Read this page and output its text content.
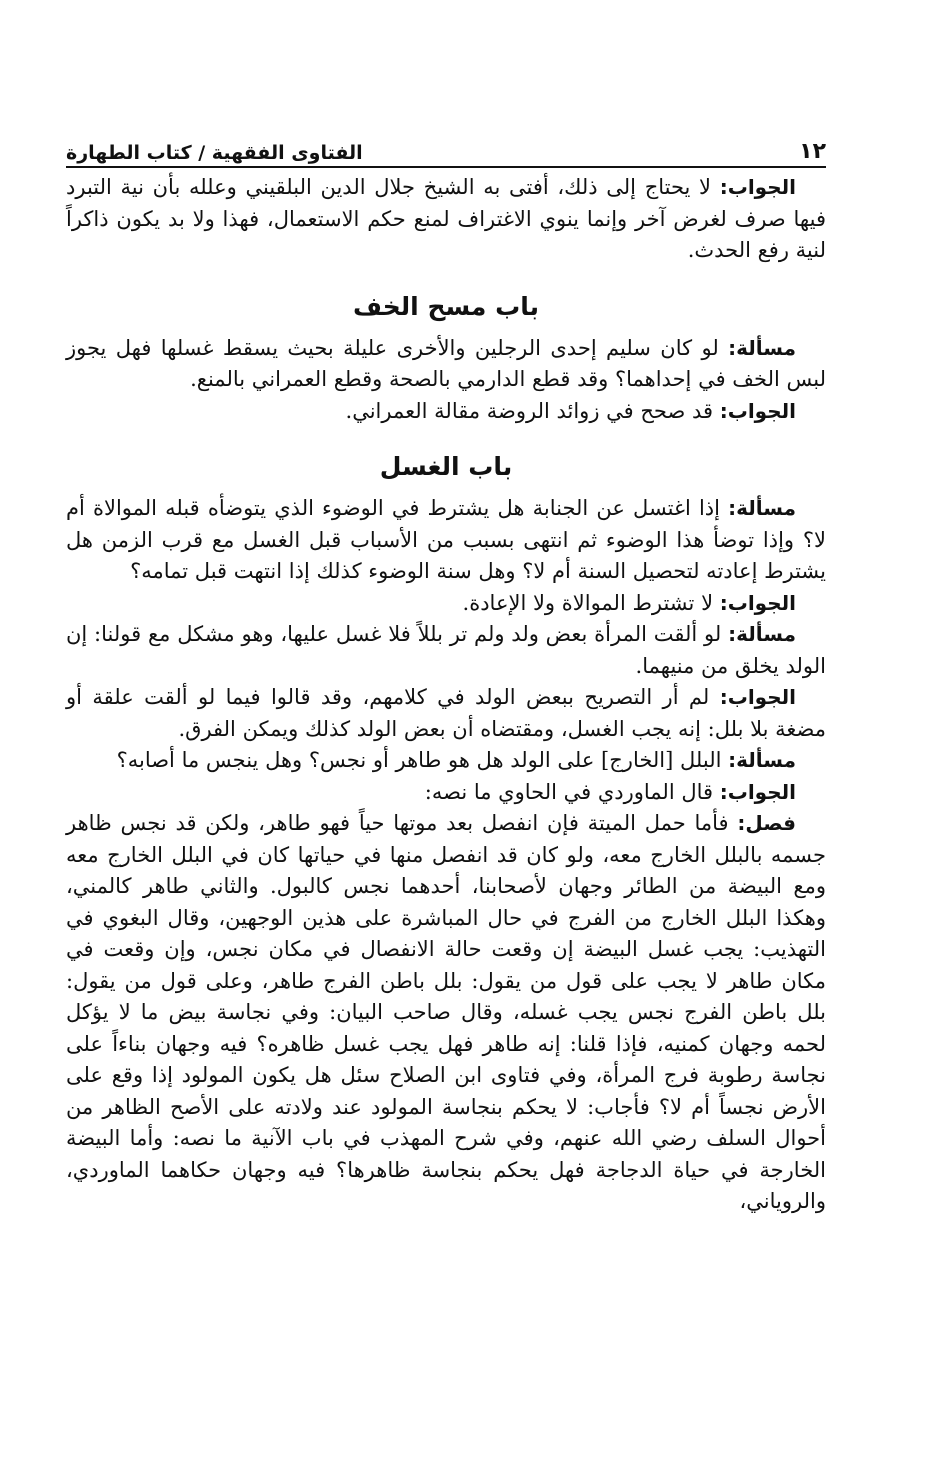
١٢
الفتاوى الفقهية / كتاب الطهارة

الجواب: لا يحتاج إلى ذلك، أفتى به الشيخ جلال الدين البلقيني وعلله بأن نية التبرد فيها صرف لغرض آخر وإنما ينوي الاغتراف لمنع حكم الاستعمال، فهذا ولا بد يكون ذاكراً لنية رفع الحدث.

باب مسح الخف

مسألة: لو كان سليم إحدى الرجلين والأخرى عليلة بحيث يسقط غسلها فهل يجوز لبس الخف في إحداهما؟ وقد قطع الدارمي بالصحة وقطع العمراني بالمنع.

الجواب: قد صحح في زوائد الروضة مقالة العمراني.

باب الغسل

مسألة: إذا اغتسل عن الجنابة هل يشترط في الوضوء الذي يتوضأه قبله الموالاة أم لا؟ وإذا توضأ هذا الوضوء ثم انتهى بسبب من الأسباب قبل الغسل مع قرب الزمن هل يشترط إعادته لتحصيل السنة أم لا؟ وهل سنة الوضوء كذلك إذا انتهت قبل تمامه؟

الجواب: لا تشترط الموالاة ولا الإعادة.

مسألة: لو ألقت المرأة بعض ولد ولم تر بللاً فلا غسل عليها، وهو مشكل مع قولنا: إن الولد يخلق من منيهما.

الجواب: لم أر التصريح ببعض الولد في كلامهم، وقد قالوا فيما لو ألقت علقة أو مضغة بلا بلل: إنه يجب الغسل، ومقتضاه أن بعض الولد كذلك ويمكن الفرق.

مسألة: البلل [الخارج] على الولد هل هو طاهر أو نجس؟ وهل ينجس ما أصابه؟

الجواب: قال الماوردي في الحاوي ما نصه:

فصل: فأما حمل الميتة فإن انفصل بعد موتها حياً فهو طاهر، ولكن قد نجس ظاهر جسمه بالبلل الخارج معه، ولو كان قد انفصل منها في حياتها كان في البلل الخارج معه ومع البيضة من الطائر وجهان لأصحابنا، أحدهما نجس كالبول. والثاني طاهر كالمني، وهكذا البلل الخارج من الفرج في حال المباشرة على هذين الوجهين، وقال البغوي في التهذيب: يجب غسل البيضة إن وقعت حالة الانفصال في مكان نجس، وإن وقعت في مكان طاهر لا يجب على قول من يقول: بلل باطن الفرج طاهر، وعلى قول من يقول: بلل باطن الفرج نجس يجب غسله، وقال صاحب البيان: وفي نجاسة بيض ما لا يؤكل لحمه وجهان كمنيه، فإذا قلنا: إنه طاهر فهل يجب غسل ظاهره؟ فيه وجهان بناءاً على نجاسة رطوبة فرج المرأة، وفي فتاوى ابن الصلاح سئل هل يكون المولود إذا وقع على الأرض نجساً أم لا؟ فأجاب: لا يحكم بنجاسة المولود عند ولادته على الأصح الظاهر من أحوال السلف رضي الله عنهم، وفي شرح المهذب في باب الآنية ما نصه: وأما البيضة الخارجة في حياة الدجاجة فهل يحكم بنجاسة ظاهرها؟ فيه وجهان حكاهما الماوردي، والروياني،
